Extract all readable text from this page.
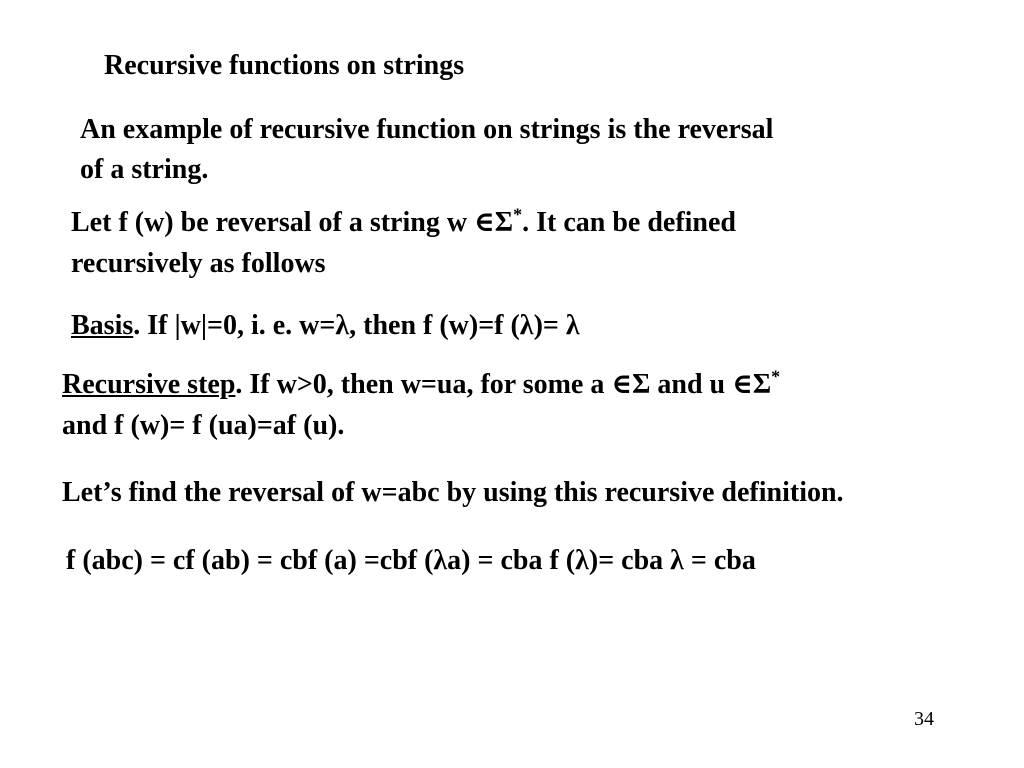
Recursive functions on strings
An example of recursive function on strings is the reversal
of a string.
Let f (w) be reversal of a string w ∈Σ*. It can be defined
recursively as follows
Basis. If |w|=0, i. e. w=λ, then f (w)=f (λ)= λ
Recursive step. If w>0, then w=ua, for some a ∈Σ and u ∈Σ*
and f (w)= f (ua)=af (u).
Let’s find the reversal of w=abc by using this recursive definition.
f (abc) = cf (ab) = cbf (a) =cbf (λa) = cba f (λ)= cba λ = cba
34
